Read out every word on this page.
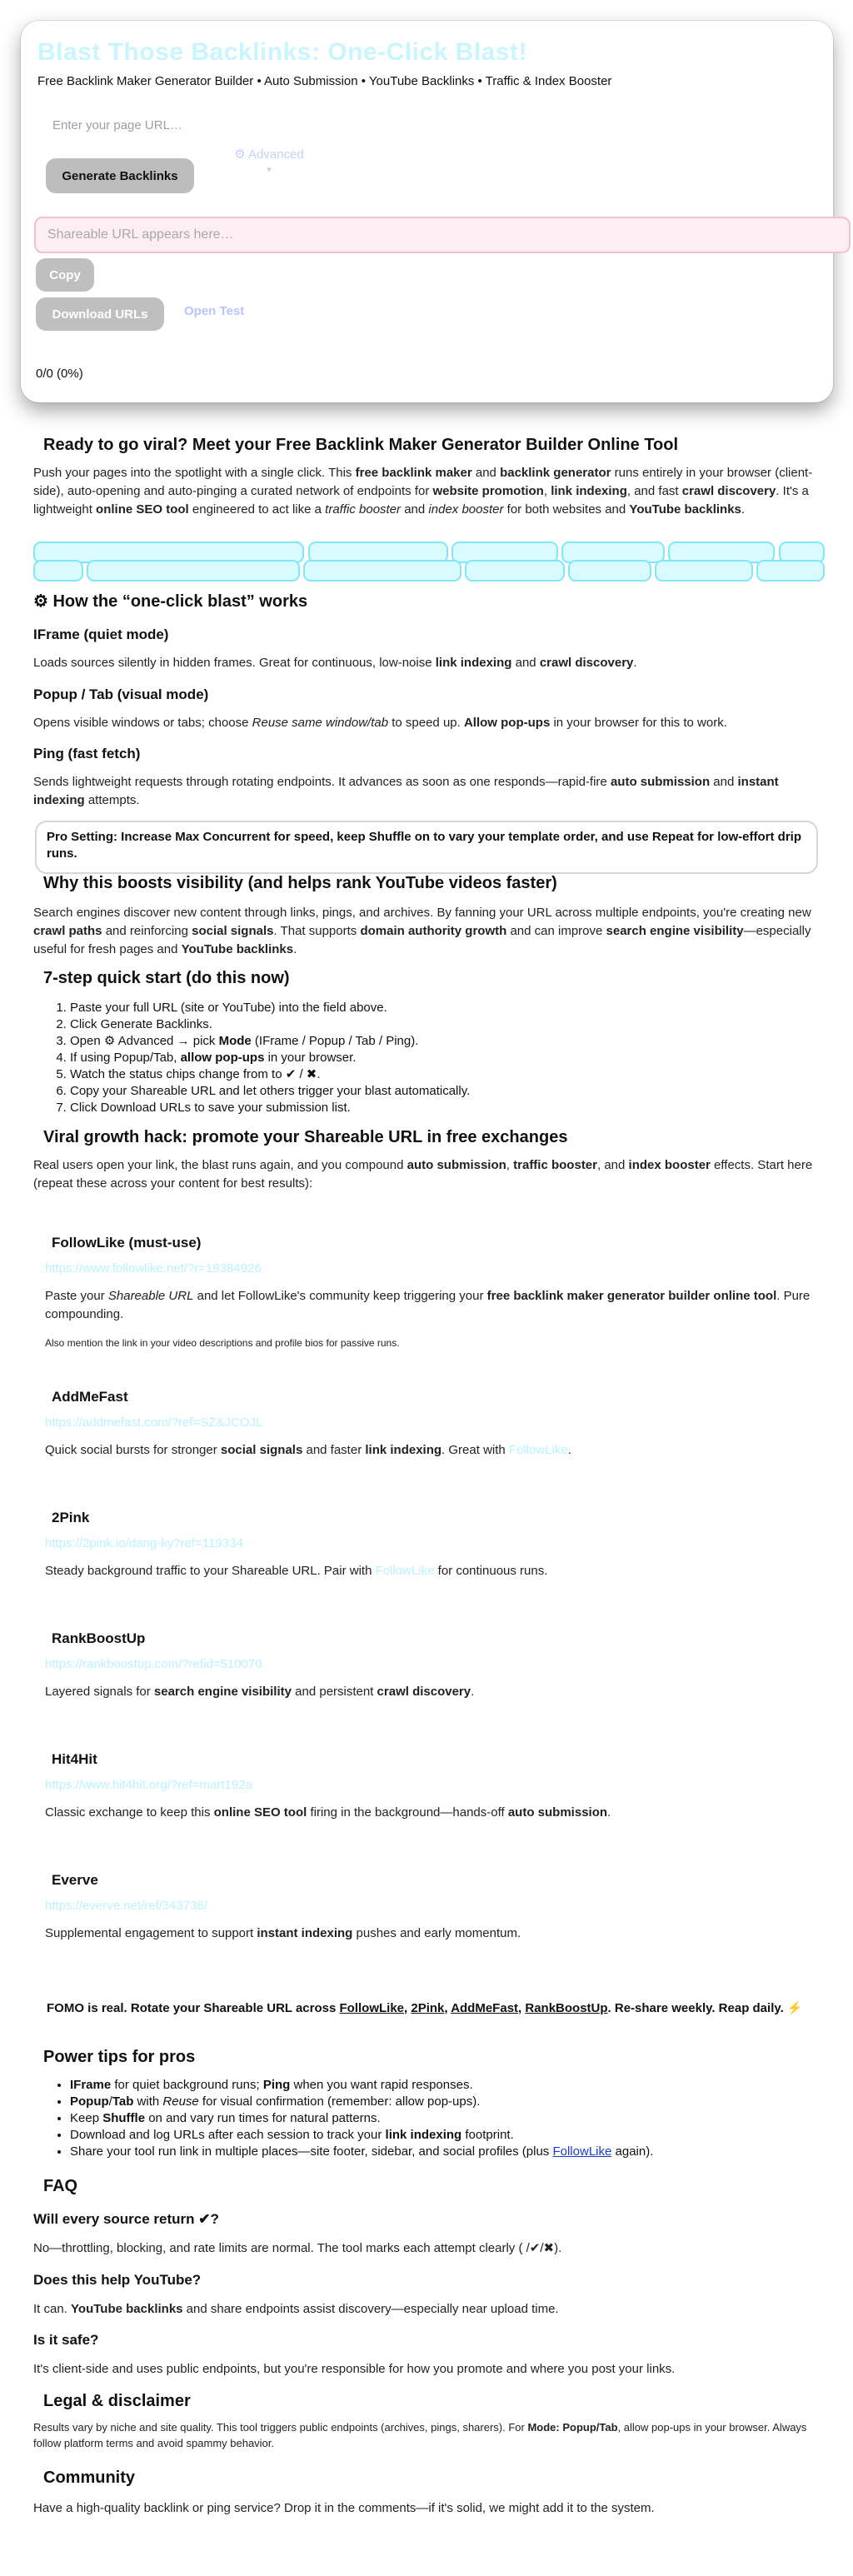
Blast Those Backlinks: One-Click Blast!
Free Backlink Maker Generator Builder • Auto Submission • YouTube Backlinks • Traffic & Index Booster
Enter your page URL…
Generate Backlinks
⚙ Advanced
▾
Shareable URL appears here…
Copy
Download URLs	Open Test
0/0 (0%)
Ready to go viral? Meet your Free Backlink Maker Generator Builder Online Tool

Push your pages into the spotlight with a single click. This free backlink maker and backlink generator runs entirely in your browser (client-side), auto-opening and auto-pinging a curated network of endpoints for website promotion, link indexing, and fast crawl discovery. It's a lightweight online SEO tool engineered to act like a traffic booster and index booster for both websites and YouTube backlinks.

⚙ How the “one-click blast” works
IFrame (quiet mode)

Loads sources silently in hidden frames. Great for continuous, low-noise link indexing and crawl discovery.

Popup / Tab (visual mode)

Opens visible windows or tabs; choose Reuse same window/tab to speed up. Allow pop-ups in your browser for this to work.

Ping (fast fetch)

Sends lightweight requests through rotating endpoints. It advances as soon as one responds—rapid-fire auto submission and instant indexing attempts.

Pro Setting: Increase Max Concurrent for speed, keep Shuffle on to vary your template order, and use Repeat for low-effort drip runs.
Why this boosts visibility (and helps rank YouTube videos faster)

Search engines discover new content through links, pings, and archives. By fanning your URL across multiple endpoints, you're creating new crawl paths and reinforcing social signals. That supports domain authority growth and can improve search engine visibility—especially useful for fresh pages and YouTube backlinks.

7-step quick start (do this now)
1. Paste your full URL (site or YouTube) into the field above.
2. Click Generate Backlinks.
3. Open ⚙ Advanced → pick Mode (IFrame / Popup / Tab / Ping).
4. If using Popup/Tab, allow pop-ups in your browser.
5. Watch the status chips change from to ✔ / ✖.
6. Copy your Shareable URL and let others trigger your blast automatically.
7. Click Download URLs to save your submission list.
Viral growth hack: promote your Shareable URL in free exchanges

Real users open your link, the blast runs again, and you compound auto submission, traffic booster, and index booster effects. Start here (repeat these across your content for best results):

FollowLike (must-use)
https://www.followlike.net/?r=19384926

Paste your Shareable URL and let FollowLike's community keep triggering your free backlink maker generator builder online tool. Pure compounding.

Also mention the link in your video descriptions and profile bios for passive runs.

AddMeFast
https://addmefast.com/?ref=SZ&JCOJL

Quick social bursts for stronger social signals and faster link indexing. Great with FollowLike.

2Pink
https://2pink.io/dang-ky?ref=119334

Steady background traffic to your Shareable URL. Pair with FollowLike for continuous runs.

RankBoostUp
https://rankboostup.com/?refid=510070

Layered signals for search engine visibility and persistent crawl discovery.

Hit4Hit
https://www.hit4hit.org/?ref=mart192a

Classic exchange to keep this online SEO tool firing in the background—hands-off auto submission.

Everve
https://everve.net/ref/343736/

Supplemental engagement to support instant indexing pushes and early momentum.

FOMO is real. Rotate your Shareable URL across FollowLike, 2Pink, AddMeFast, RankBoostUp. Re-share weekly. Reap daily. ⚡

Power tips for pros
• IFrame for quiet background runs; Ping when you want rapid responses.
• Popup/Tab with Reuse for visual confirmation (remember: allow pop-ups).
• Keep Shuffle on and vary run times for natural patterns.
• Download and log URLs after each session to track your link indexing footprint.
• Share your tool run link in multiple places—site footer, sidebar, and social profiles (plus FollowLike again).
FAQ
Will every source return ✔?

No—throttling, blocking, and rate limits are normal. The tool marks each attempt clearly ( /✔/✖).

Does this help YouTube?

It can. YouTube backlinks and share endpoints assist discovery—especially near upload time.

Is it safe?

It's client-side and uses public endpoints, but you're responsible for how you promote and where you post your links.

Legal & disclaimer

Results vary by niche and site quality. This tool triggers public endpoints (archives, pings, sharers). For Mode: Popup/Tab, allow pop-ups in your browser. Always follow platform terms and avoid spammy behavior.

Community

Have a high-quality backlink or ping service? Drop it in the comments—if it's solid, we might add it to the system.
